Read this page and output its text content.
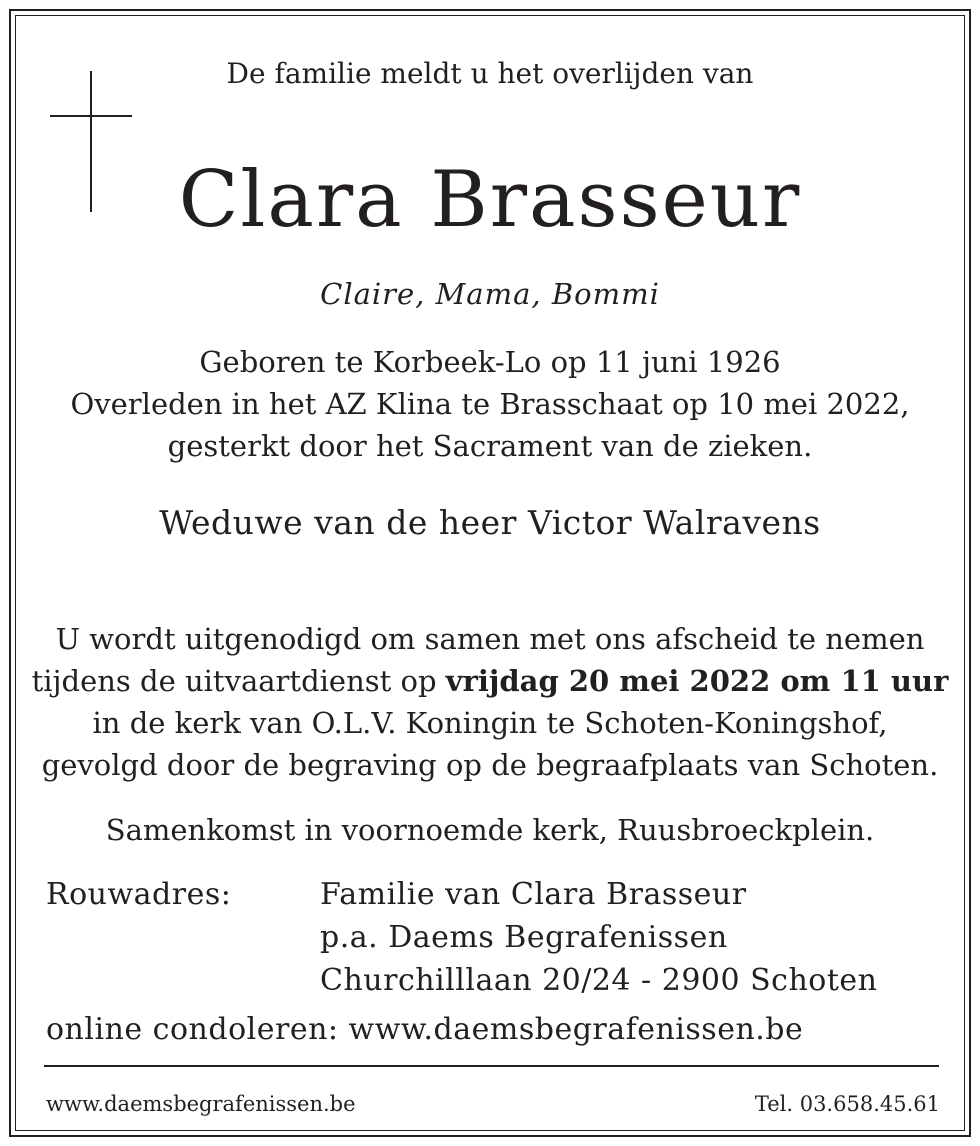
De familie meldt u het overlijden van
Clara Brasseur
Claire, Mama, Bommi
Geboren te Korbeek-Lo op 11 juni 1926
Overleden in het AZ Klina te Brasschaat op 10 mei 2022,
gesterkt door het Sacrament van de zieken.
Weduwe van de heer Victor Walravens
U wordt uitgenodigd om samen met ons afscheid te nemen
tijdens de uitvaartdienst op vrijdag 20 mei 2022 om 11 uur
in de kerk van O.L.V. Koningin te Schoten-Koningshof,
gevolgd door de begraving op de begraafplaats van Schoten.
Samenkomst in voornoemde kerk, Ruusbroeckplein.
Rouwadres:	Familie van Clara Brasseur
p.a. Daems Begrafenissen
Churchilllaan 20/24 - 2900 Schoten
online condoleren: www.daemsbegrafenissen.be
www.daemsbegrafenissen.be	Tel. 03.658.45.61
